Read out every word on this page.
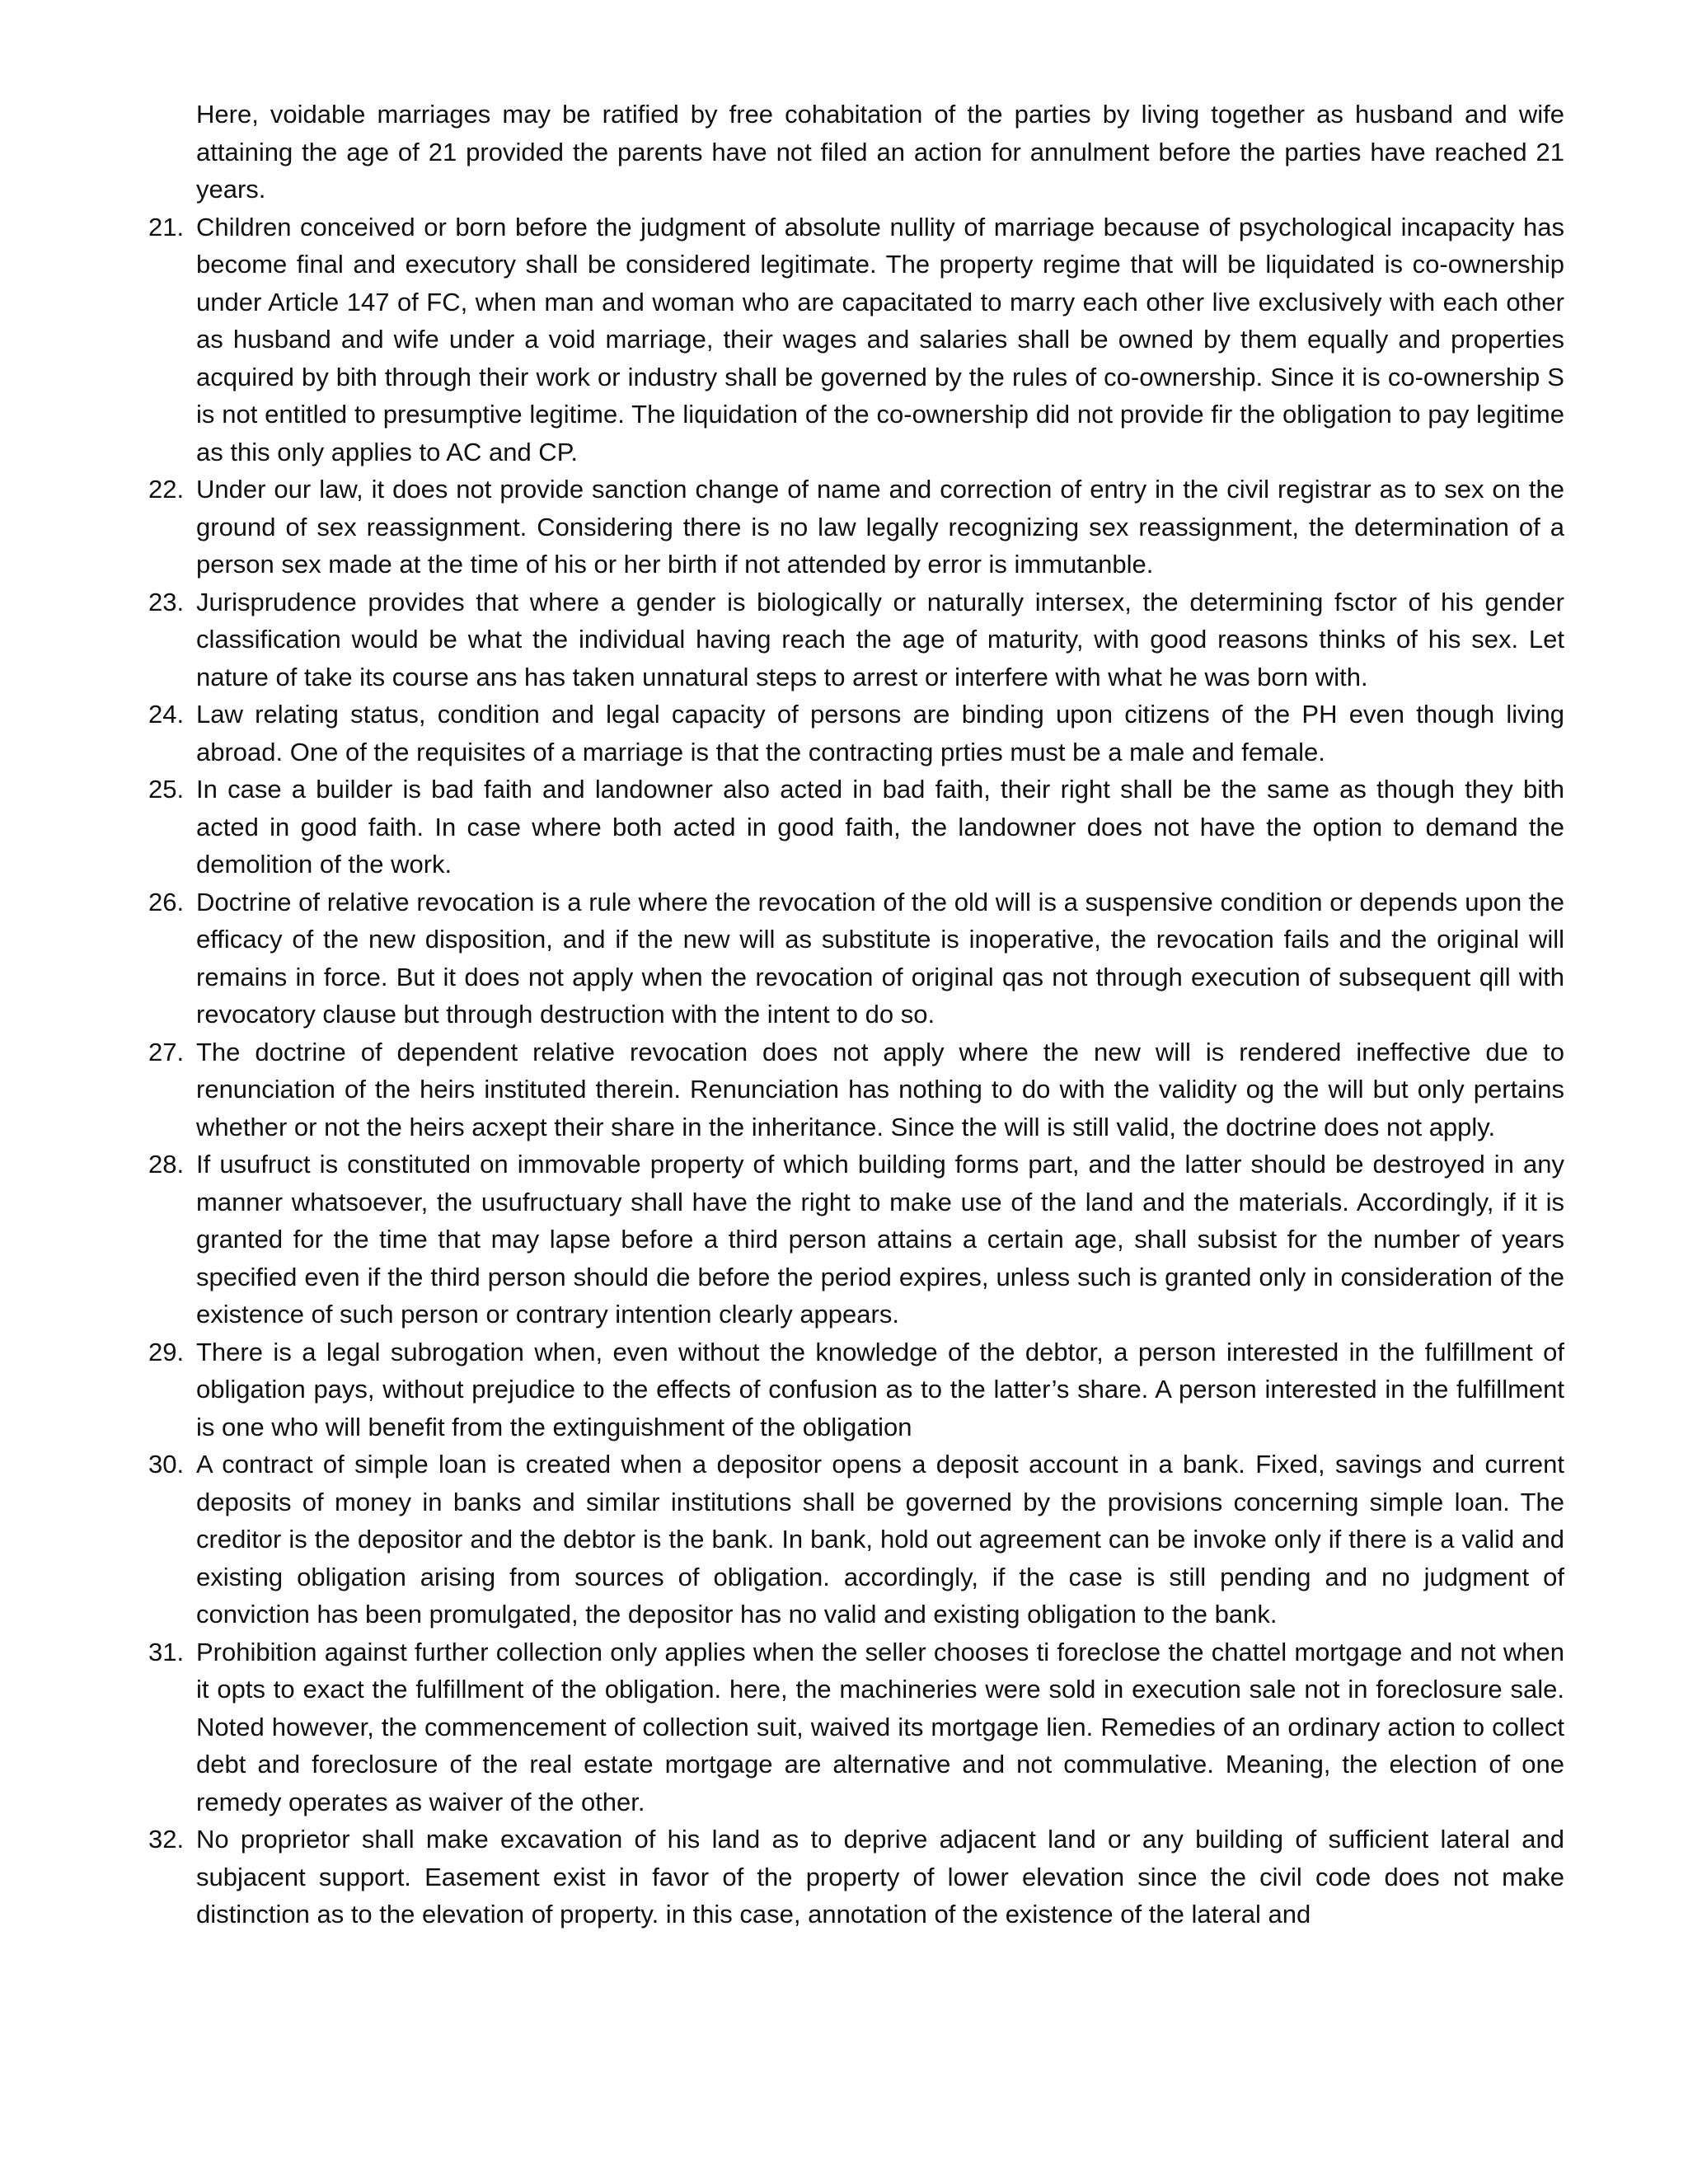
Here, voidable marriages may be ratified by free cohabitation of the parties by living together as husband and wife attaining the age of 21 provided the parents have not filed an action for annulment before the parties have reached 21 years.
21. Children conceived or born before the judgment of absolute nullity of marriage because of psychological incapacity has become final and executory shall be considered legitimate. The property regime that will be liquidated is co-ownership under Article 147 of FC, when man and woman who are capacitated to marry each other live exclusively with each other as husband and wife under a void marriage, their wages and salaries shall be owned by them equally and properties acquired by bith through their work or industry shall be governed by the rules of co-ownership. Since it is co-ownership S is not entitled to presumptive legitime. The liquidation of the co-ownership did not provide fir the obligation to pay legitime as this only applies to AC and CP.
22. Under our law, it does not provide sanction change of name and correction of entry in the civil registrar as to sex on the ground of sex reassignment. Considering there is no law legally recognizing sex reassignment, the determination of a person sex made at the time of his or her birth if not attended by error is immutanble.
23. Jurisprudence provides that where a gender is biologically or naturally intersex, the determining fsctor of his gender classification would be what the individual having reach the age of maturity, with good reasons thinks of his sex. Let nature of take its course ans has taken unnatural steps to arrest or interfere with what he was born with.
24. Law relating status, condition and legal capacity of persons are binding upon citizens of the PH even though living abroad. One of the requisites of a marriage is that the contracting prties must be a male and female.
25. In case a builder is bad faith and landowner also acted in bad faith, their right shall be the same as though they bith acted in good faith. In case where both acted in good faith, the landowner does not have the option to demand the demolition of the work.
26. Doctrine of relative revocation is a rule where the revocation of the old will is a suspensive condition or depends upon the efficacy of the new disposition, and if the new will as substitute is inoperative, the revocation fails and the original will remains in force. But it does not apply when the revocation of original qas not through execution of subsequent qill with revocatory clause but through destruction with the intent to do so.
27. The doctrine of dependent relative revocation does not apply where the new will is rendered ineffective due to renunciation of the heirs instituted therein. Renunciation has nothing to do with the validity og the will but only pertains whether or not the heirs acxept their share in the inheritance. Since the will is still valid, the doctrine does not apply.
28. If usufruct is constituted on immovable property of which building forms part, and the latter should be destroyed in any manner whatsoever, the usufructuary shall have the right to make use of the land and the materials. Accordingly, if it is granted for the time that may lapse before a third person attains a certain age, shall subsist for the number of years specified even if the third person should die before the period expires, unless such is granted only in consideration of the existence of such person or contrary intention clearly appears.
29. There is a legal subrogation when, even without the knowledge of the debtor, a person interested in the fulfillment of obligation pays, without prejudice to the effects of confusion as to the latter’s share. A person interested in the fulfillment is one who will benefit from the extinguishment of the obligation
30. A contract of simple loan is created when a depositor opens a deposit account in a bank. Fixed, savings and current deposits of money in banks and similar institutions shall be governed by the provisions concerning simple loan. The creditor is the depositor and the debtor is the bank. In bank, hold out agreement can be invoke only if there is a valid and existing obligation arising from sources of obligation. accordingly, if the case is still pending and no judgment of conviction has been promulgated, the depositor has no valid and existing obligation to the bank.
31. Prohibition against further collection only applies when the seller chooses ti foreclose the chattel mortgage and not when it opts to exact the fulfillment of the obligation. here, the machineries were sold in execution sale not in foreclosure sale. Noted however, the commencement of collection suit, waived its mortgage lien. Remedies of an ordinary action to collect debt and foreclosure of the real estate mortgage are alternative and not commulative. Meaning, the election of one remedy operates as waiver of the other.
32. No proprietor shall make excavation of his land as to deprive adjacent land or any building of sufficient lateral and subjacent support. Easement exist in favor of the property of lower elevation since the civil code does not make distinction as to the elevation of property. in this case, annotation of the existence of the lateral and
